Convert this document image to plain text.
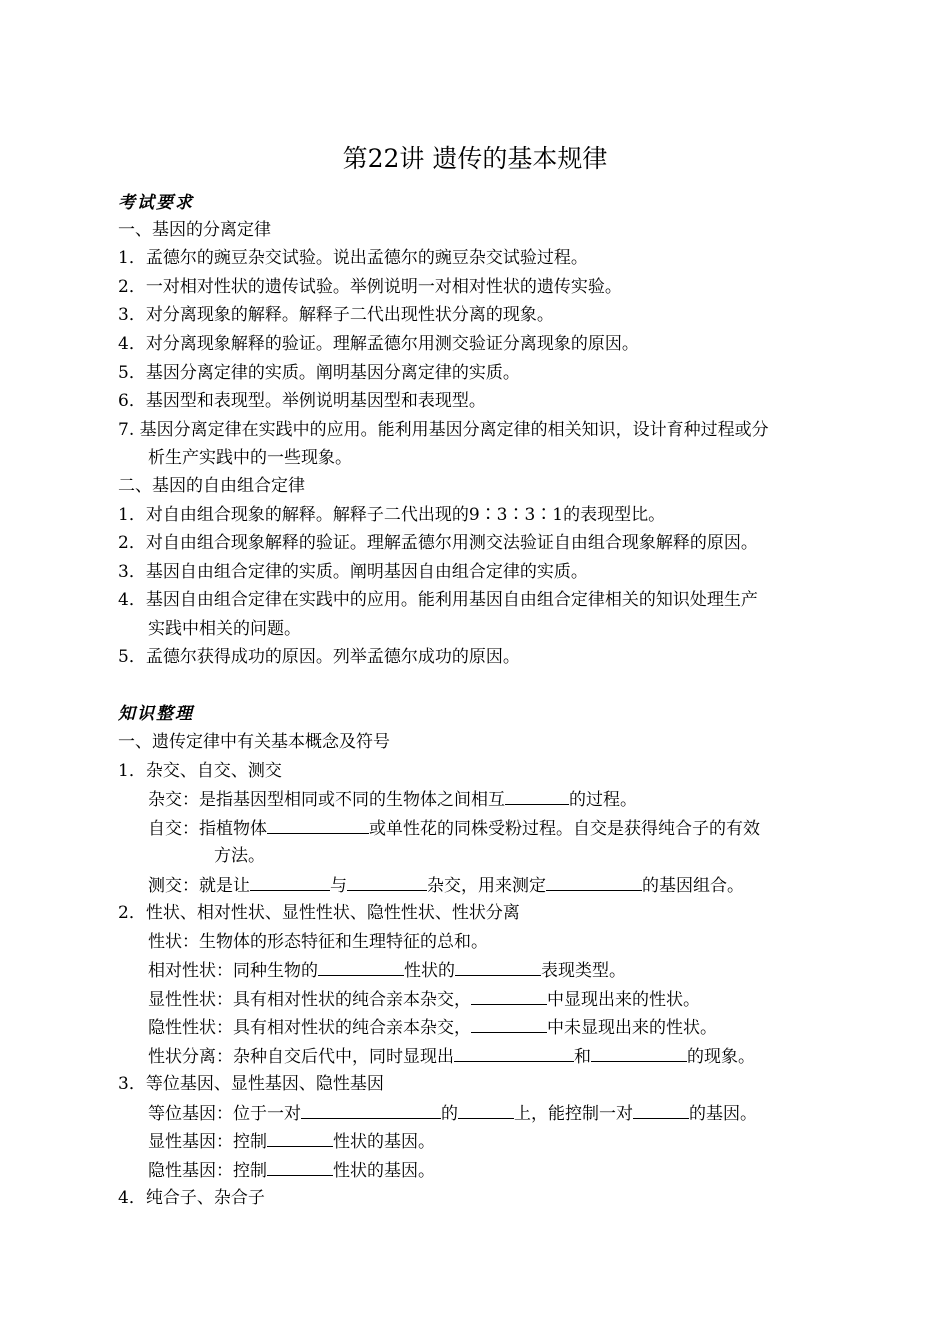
第22讲 遗传的基本规律
考试要求
一、基因的分离定律
1．孟德尔的豌豆杂交试验。说出孟德尔的豌豆杂交试验过程。
2．一对相对性状的遗传试验。举例说明一对相对性状的遗传实验。
3．对分离现象的解释。解释子二代出现性状分离的现象。
4．对分离现象解释的验证。理解孟德尔用测交验证分离现象的原因。
5．基因分离定律的实质。阐明基因分离定律的实质。
6．基因型和表现型。举例说明基因型和表现型。
7. 基因分离定律在实践中的应用。能利用基因分离定律的相关知识，设计育种过程或分
析生产实践中的一些现象。
二、基因的自由组合定律
1．对自由组合现象的解释。解释子二代出现的9∶3∶3∶1的表现型比。
2．对自由组合现象解释的验证。理解孟德尔用测交法验证自由组合现象解释的原因。
3．基因自由组合定律的实质。阐明基因自由组合定律的实质。
4．基因自由组合定律在实践中的应用。能利用基因自由组合定律相关的知识处理生产
实践中相关的问题。
5．孟德尔获得成功的原因。列举孟德尔成功的原因。
知识整理
一、遗传定律中有关基本概念及符号
1．杂交、自交、测交
杂交：是指基因型相同或不同的生物体之间相互	的过程。
自交：指植物体	或单性花的同株受粉过程。自交是获得纯合子的有效
方法。
测交：就是让	与	杂交，用来测定	的基因组合。
2．性状、相对性状、显性性状、隐性性状、性状分离
性状：生物体的形态特征和生理特征的总和。
相对性状：同种生物的	性状的	表现类型。
显性性状：具有相对性状的纯合亲本杂交，	中显现出来的性状。
隐性性状：具有相对性状的纯合亲本杂交，	中未显现出来的性状。
性状分离：杂种自交后代中，同时显现出	和	的现象。
3．等位基因、显性基因、隐性基因
等位基因：位于一对	的	上，能控制一对	的基因。
显性基因：控制	性状的基因。
隐性基因：控制	性状的基因。
4．纯合子、杂合子
